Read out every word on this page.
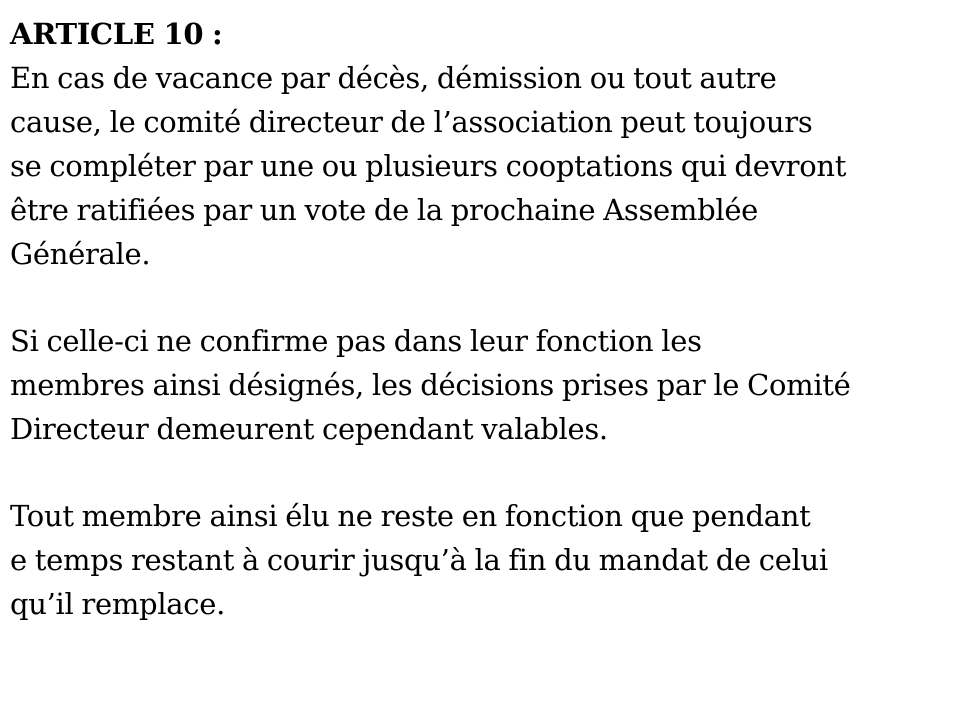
ARTICLE 10 :
En cas de vacance par décès, démission ou tout autre
cause, le comité directeur de l’association peut toujours
se compléter par une ou plusieurs cooptations qui devront
être ratifiées par un vote de la prochaine Assemblée
Générale.
Si celle-ci ne confirme pas dans leur fonction les
membres ainsi désignés, les décisions prises par le Comité
Directeur demeurent cependant valables.
Tout membre ainsi élu ne reste en fonction que pendant
e temps restant à courir jusqu’à la fin du mandat de celui
qu’il remplace.
